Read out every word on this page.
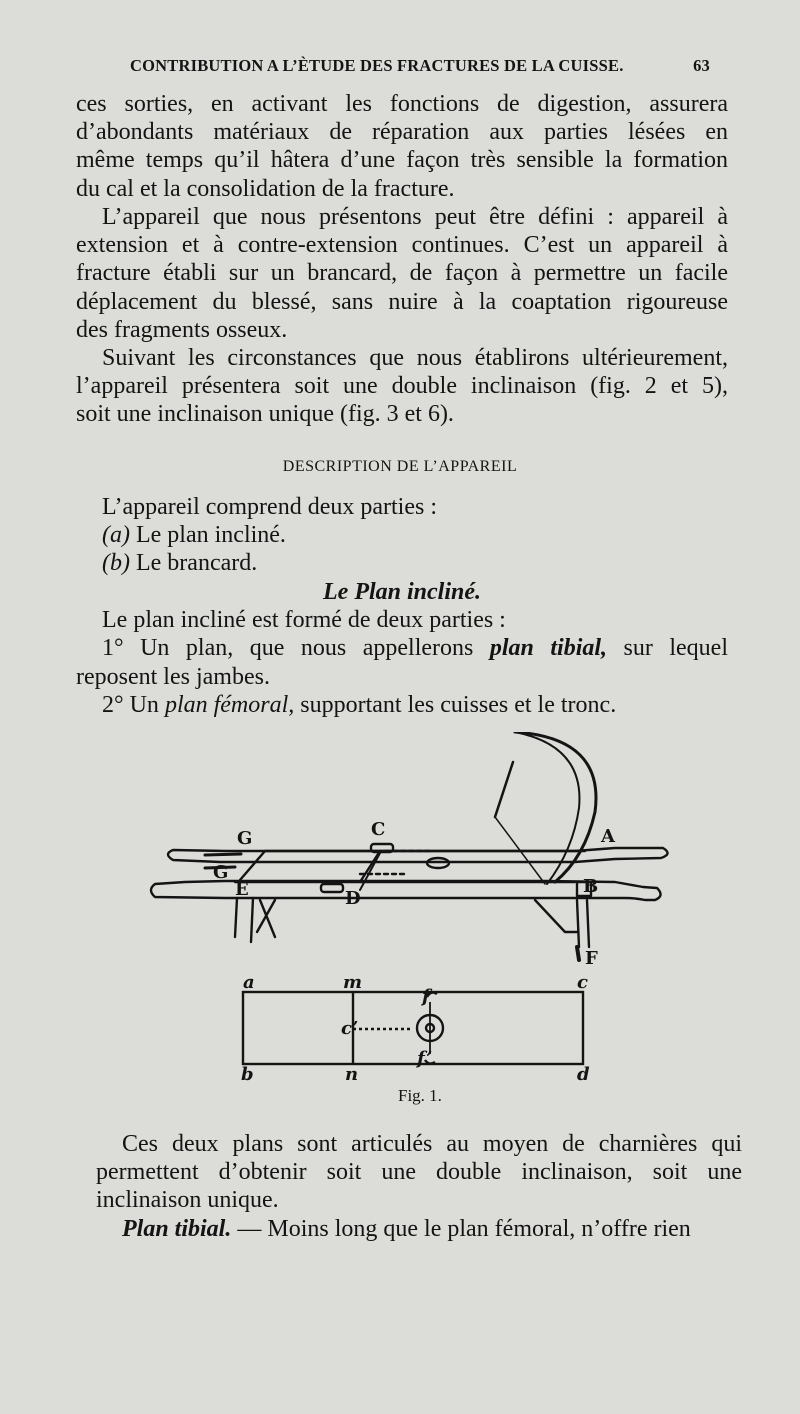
CONTRIBUTION A L’ÈTUDE DES FRACTURES DE LA CUISSE.	63

ces sorties, en activant les fonctions de digestion, assurera

d’abondants matériaux de réparation aux parties lésées en

même temps qu’il hâtera d’une façon très sensible la formation

du cal et la consolidation de la fracture.

L’appareil que nous présentons peut être défini : appareil à

extension et à contre-extension continues. C’est un appareil à

fracture établi sur un brancard, de façon à permettre un facile

déplacement du blessé, sans nuire à la coaptation rigoureuse

des fragments osseux.

Suivant les circonstances que nous établirons ultérieurement,

l’appareil présentera soit une double inclinaison (fig. 2 et 5),

soit une inclinaison unique (fig. 3 et 6).

DESCRIPTION DE L’APPAREIL

L’appareil comprend deux parties :

(a) Le plan incliné.

(b) Le brancard.

Le Plan incliné.

Le plan incliné est formé de deux parties :

1° Un plan, que nous appellerons plan tibial, sur lequel

reposent les jambes.

2° Un plan fémoral, supportant les cuisses et le tronc.

G	C	A
G
E	D
B
F
a	m	c
c’
f
f’
b	n	d
Fig. 1.

Ces deux plans sont articulés au moyen de charnières qui

permettent d’obtenir soit une double inclinaison, soit une

inclinaison unique.

Plan tibial. — Moins long que le plan fémoral, n’offre rien
